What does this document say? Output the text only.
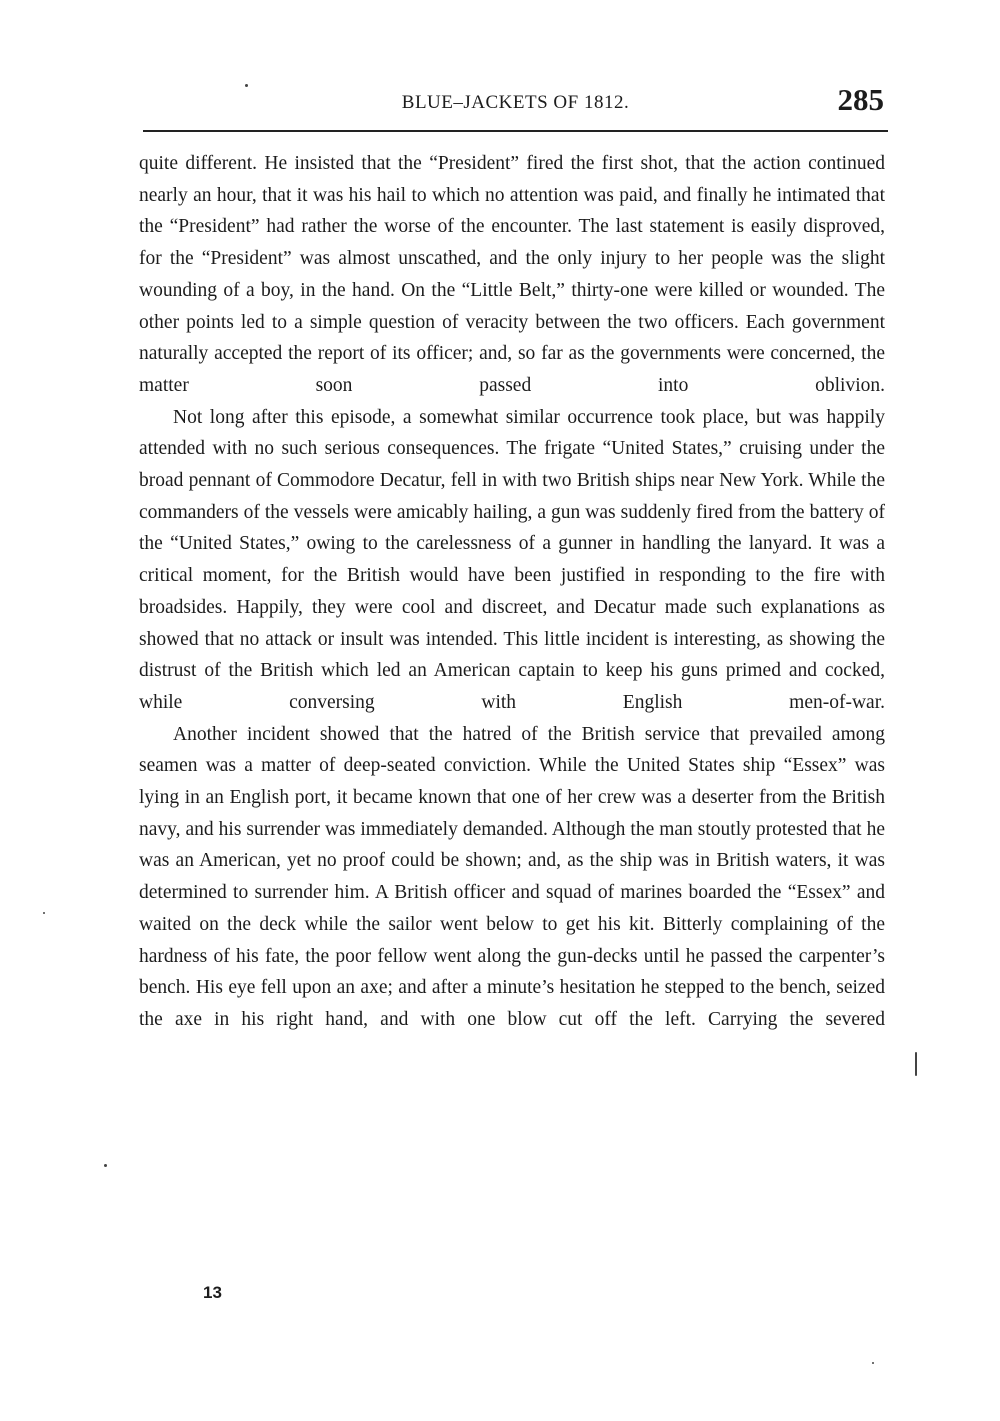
BLUE–JACKETS OF 1812.	285

quite different. He insisted that the “President” fired the first shot, that the action continued nearly an hour, that it was his hail to which no attention was paid, and finally he intimated that the “President” had rather the worse of the encounter. The last statement is easily disproved, for the “President” was almost unscathed, and the only injury to her people was the slight wounding of a boy, in the hand. On the “Little Belt,” thirty-one were killed or wounded. The other points led to a simple question of veracity between the two officers. Each government naturally accepted the report of its officer; and, so far as the governments were concerned, the matter soon passed into oblivion.

Not long after this episode, a somewhat similar occurrence took place, but was happily attended with no such serious consequences. The frigate “United States,” cruising under the broad pennant of Commodore Decatur, fell in with two British ships near New York. While the commanders of the vessels were amicably hailing, a gun was suddenly fired from the battery of the “United States,” owing to the carelessness of a gunner in handling the lanyard. It was a critical moment, for the British would have been justified in responding to the fire with broadsides. Happily, they were cool and discreet, and Decatur made such explanations as showed that no attack or insult was intended. This little incident is interesting, as showing the distrust of the British which led an American captain to keep his guns primed and cocked, while conversing with English men-of-war.

Another incident showed that the hatred of the British service that prevailed among seamen was a matter of deep-seated conviction. While the United States ship “Essex” was lying in an English port, it became known that one of her crew was a deserter from the British navy, and his surrender was immediately demanded. Although the man stoutly protested that he was an American, yet no proof could be shown; and, as the ship was in British waters, it was determined to surrender him. A British officer and squad of marines boarded the “Essex” and waited on the deck while the sailor went below to get his kit. Bitterly complaining of the hardness of his fate, the poor fellow went along the gun-decks until he passed the carpenter’s bench. His eye fell upon an axe; and after a minute’s hesitation he stepped to the bench, seized the axe in his right hand, and with one blow cut off the left. Carrying the severed

13
